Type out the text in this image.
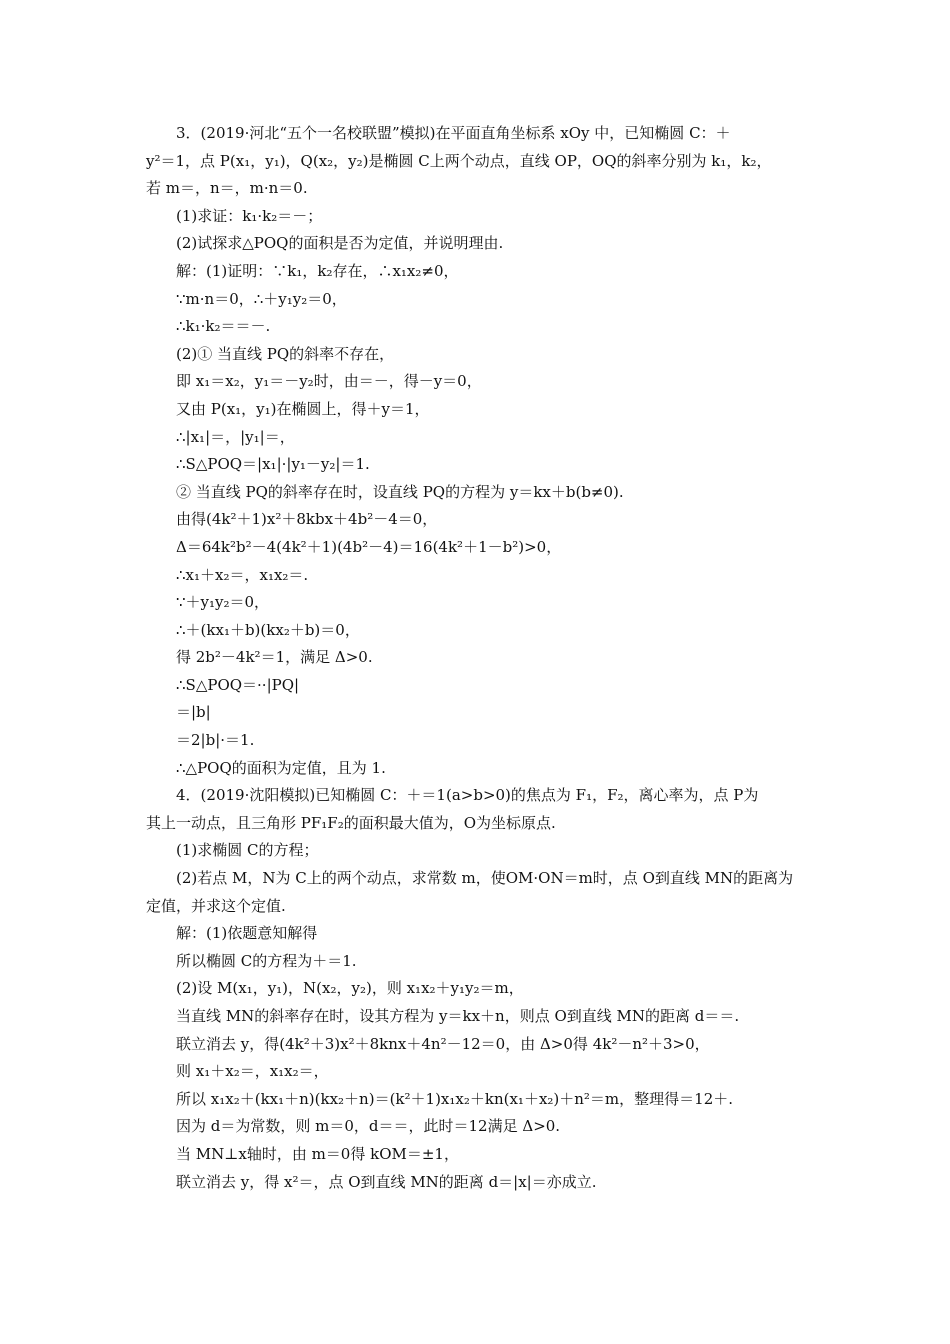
3．(2019·河北“五个一名校联盟”模拟)在平面直角坐标系 xOy 中，已知椭圆 C：＋
y²＝1，点 P(x₁，y₁)，Q(x₂，y₂)是椭圆 C上两个动点，直线 OP，OQ的斜率分别为 k₁，k₂，
若 m＝，n＝，m·n＝0.
(1)求证：k₁·k₂＝－；
(2)试探求△POQ的面积是否为定值，并说明理由.
解：(1)证明：∵k₁，k₂存在，∴x₁x₂≠0，
∵m·n＝0，∴＋y₁y₂＝0，
∴k₁·k₂＝＝－.
(2)① 当直线 PQ的斜率不存在，
即 x₁＝x₂，y₁＝－y₂时，由＝－，得－y＝0，
又由 P(x₁，y₁)在椭圆上，得＋y＝1，
∴|x₁|＝，|y₁|＝，
∴S△POQ＝|x₁|·|y₁－y₂|＝1.
② 当直线 PQ的斜率存在时，设直线 PQ的方程为 y＝kx＋b(b≠0).
由得(4k²＋1)x²＋8kbx＋4b²－4＝0，
Δ＝64k²b²－4(4k²＋1)(4b²－4)＝16(4k²＋1－b²)>0，
∴x₁＋x₂＝，x₁x₂＝.
∵＋y₁y₂＝0，
∴＋(kx₁＋b)(kx₂＋b)＝0，
得 2b²－4k²＝1，满足 Δ>0.
∴S△POQ＝··|PQ|
＝|b|
＝2|b|·＝1.
∴△POQ的面积为定值，且为 1.
4．(2019·沈阳模拟)已知椭圆 C：＋＝1(a>b>0)的焦点为 F₁，F₂，离心率为，点 P为
其上一动点，且三角形 PF₁F₂的面积最大值为，O为坐标原点.
(1)求椭圆 C的方程；
(2)若点 M，N为 C上的两个动点，求常数 m，使OM·ON＝m时，点 O到直线 MN的距离为
定值，并求这个定值.
解：(1)依题意知解得
所以椭圆 C的方程为＋＝1.
(2)设 M(x₁，y₁)，N(x₂，y₂)，则 x₁x₂＋y₁y₂＝m，
当直线 MN的斜率存在时，设其方程为 y＝kx＋n，则点 O到直线 MN的距离 d＝＝.
联立消去 y，得(4k²＋3)x²＋8knx＋4n²－12＝0，由 Δ>0得 4k²－n²＋3>0，
则 x₁＋x₂＝，x₁x₂＝，
所以 x₁x₂＋(kx₁＋n)(kx₂＋n)＝(k²＋1)x₁x₂＋kn(x₁＋x₂)＋n²＝m，整理得＝12＋.
因为 d＝为常数，则 m＝0，d＝＝，此时＝12满足 Δ>0.
当 MN⊥x轴时，由 m＝0得 kOM＝±1，
联立消去 y，得 x²＝，点 O到直线 MN的距离 d＝|x|＝亦成立.
